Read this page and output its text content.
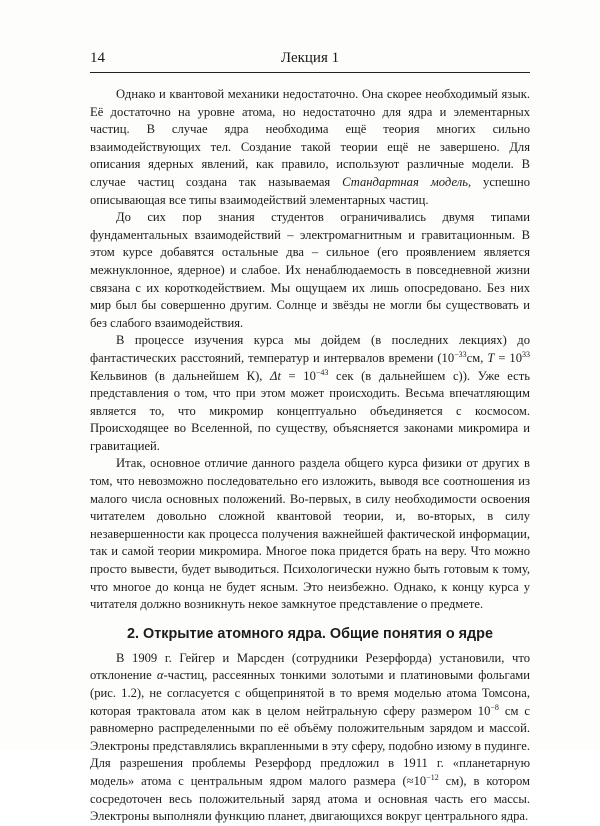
14	Лекция 1

Однако и квантовой механики недостаточно. Она скорее необходимый язык. Её достаточно на уровне атома, но недостаточно для ядра и элементарных частиц. В случае ядра необходима ещё теория многих сильно взаимодействующих тел. Создание такой теории ещё не завершено. Для описания ядерных явлений, как правило, используют различные модели. В случае частиц создана так называемая Стандартная модель, успешно описывающая все типы взаимодействий элементарных частиц.

До сих пор знания студентов ограничивались двумя типами фундаментальных взаимодействий – электромагнитным и гравитационным. В этом курсе добавятся остальные два – сильное (его проявлением является межнуклонное, ядерное) и слабое. Их ненаблюдаемость в повседневной жизни связана с их короткодействием. Мы ощущаем их лишь опосредовано. Без них мир был бы совершенно другим. Солнце и звёзды не могли бы существовать и без слабого взаимодействия.

В процессе изучения курса мы дойдем (в последних лекциях) до фантастических расстояний, температур и интервалов времени ($10^{-33}см$, $T = 10^{33}$ Кельвинов (в дальнейшем К), $\Delta t = 10^{-43}$ сек (в дальнейшем с)). Уже есть представления о том, что при этом может происходить. Весьма впечатляющим является то, что микромир концептуально объединяется с космосом. Происходящее во Вселенной, по существу, объясняется законами микромира и гравитацией.

Итак, основное отличие данного раздела общего курса физики от других в том, что невозможно последовательно его изложить, выводя все соотношения из малого числа основных положений. Во-первых, в силу необходимости освоения читателем довольно сложной квантовой теории, и, во-вторых, в силу незавершенности как процесса получения важнейшей фактической информации, так и самой теории микромира. Многое пока придется брать на веру. Что можно просто вывести, будет выводиться. Психологически нужно быть готовым к тому, что многое до конца не будет ясным. Это неизбежно. Однако, к концу курса у читателя должно возникнуть некое замкнутое представление о предмете.

2. Открытие атомного ядра. Общие понятия о ядре

В 1909 г. Гейгер и Марсден (сотрудники Резерфорда) установили, что отклонение α-частиц, рассеянных тонкими золотыми и платиновыми фольгами (рис. 1.2), не согласуется с общепринятой в то время моделью атома Томсона, которая трактовала атом как в целом нейтральную сферу размером $10^{-8}$ см с равномерно распределенными по её объёму положительным зарядом и массой. Электроны представлялись вкрапленными в эту сферу, подобно изюму в пудинге. Для разрешения проблемы Резерфорд предложил в 1911 г. «планетарную модель» атома с центральным ядром малого размера ($\approx 10^{-12}$ см), в котором сосредоточен весь положительный заряд атома и основная часть его массы. Электроны выполняли функцию планет, двигающихся вокруг центрального ядра.
